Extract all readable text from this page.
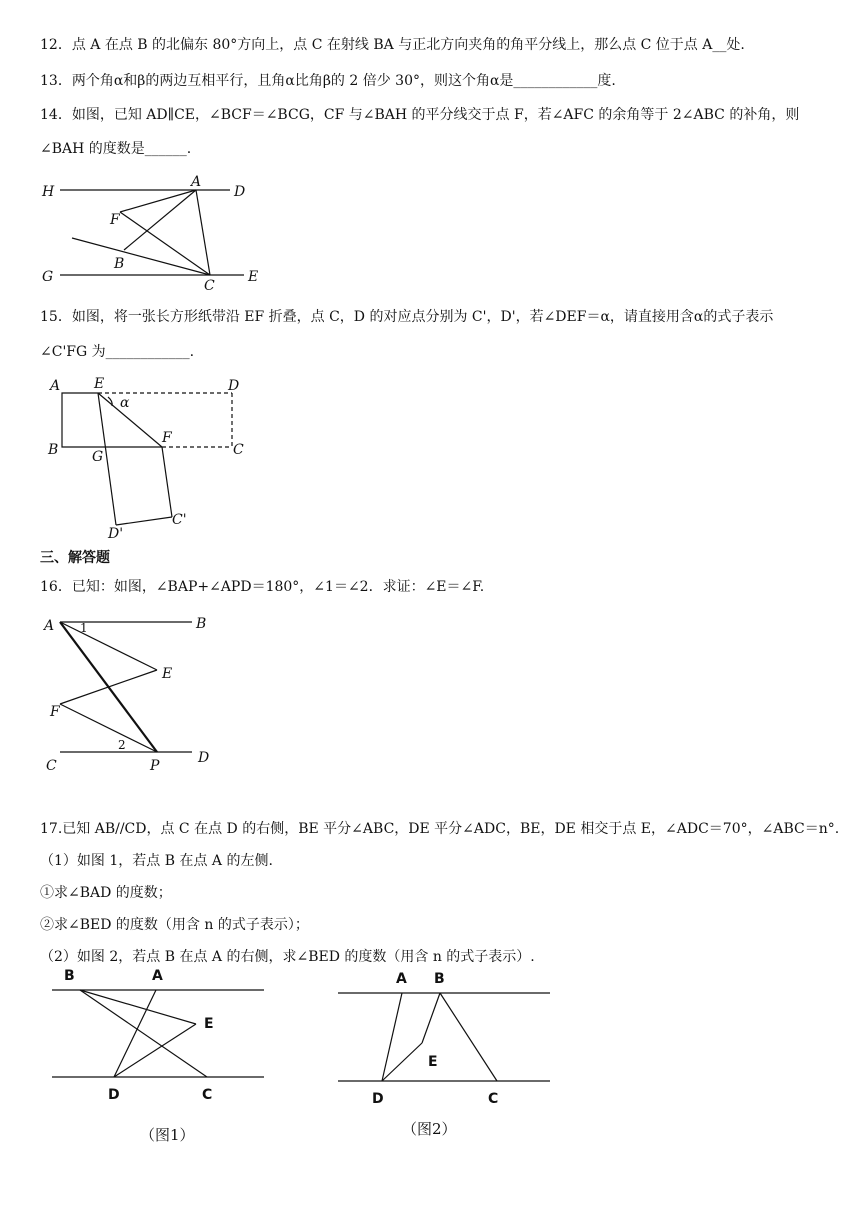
12．点 A 在点 B 的北偏东 80°方向上，点 C 在射线 BA 与正北方向夹角的角平分线上，那么点 C 位于点 A__处.
13．两个角α和β的两边互相平行，且角α比角β的 2 倍少 30°，则这个角α是____________度.
14．如图，已知 AD∥CE，∠BCF＝∠BCG，CF 与∠BAH 的平分线交于点 F，若∠AFC 的余角等于 2∠ABC 的补角，则
∠BAH 的度数是______.
H
A
D
F
B
G
C
E
15．如图，将一张长方形纸带沿 EF 折叠，点 C，D 的对应点分别为 C'，D'，若∠DEF＝α，请直接用含α的式子表示
∠C'FG 为____________.
A E	D
α
F
B G	C
D'
C'
三、解答题
16．已知：如图，∠BAP+∠APD＝180°，∠1＝∠2．求证：∠E＝∠F.
A 1	B
E
F
2
C	P	D
17.已知 AB//CD，点 C 在点 D 的右侧，BE 平分∠ABC，DE 平分∠ADC，BE，DE 相交于点 E，∠ADC＝70°，∠ABC＝n°.
（1）如图 1，若点 B 在点 A 的左侧.
①求∠BAD 的度数；
②求∠BED 的度数（用含 n 的式子表示）；
（2）如图 2，若点 B 在点 A 的右侧，求∠BED 的度数（用含 n 的式子表示）.
B	A
E
D	C
（图1）
A B
E
D	C
（图2）
